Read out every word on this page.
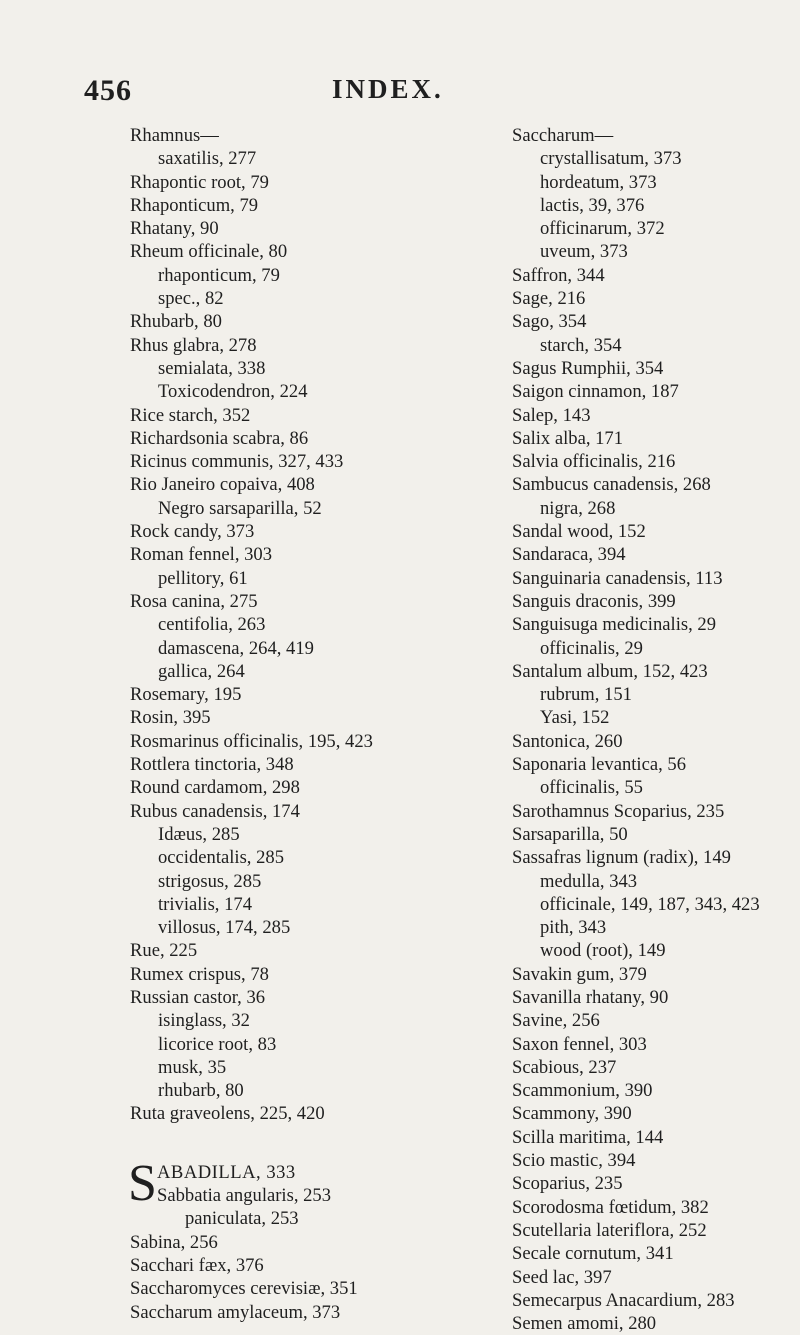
456	INDEX.
Rhamnus—
saxatilis, 277
Rhapontic root, 79
Rhaponticum, 79
Rhatany, 90
Rheum officinale, 80
rhaponticum, 79
spec., 82
Rhubarb, 80
Rhus glabra, 278
semialata, 338
Toxicodendron, 224
Rice starch, 352
Richardsonia scabra, 86
Ricinus communis, 327, 433
Rio Janeiro copaiva, 408
Negro sarsaparilla, 52
Rock candy, 373
Roman fennel, 303
pellitory, 61
Rosa canina, 275
centifolia, 263
damascena, 264, 419
gallica, 264
Rosemary, 195
Rosin, 395
Rosmarinus officinalis, 195, 423
Rottlera tinctoria, 348
Round cardamom, 298
Rubus canadensis, 174
Idæus, 285
occidentalis, 285
strigosus, 285
trivialis, 174
villosus, 174, 285
Rue, 225
Rumex crispus, 78
Russian castor, 36
isinglass, 32
licorice root, 83
musk, 35
rhubarb, 80
Ruta graveolens, 225, 420
S ABADILLA, 333
Sabbatia angularis, 253
paniculata, 253
Sabina, 256
Sacchari fæx, 376
Saccharomyces cerevisiæ, 351
Saccharum amylaceum, 373
Saccharum—
crystallisatum, 373
hordeatum, 373
lactis, 39, 376
officinarum, 372
uveum, 373
Saffron, 344
Sage, 216
Sago, 354
starch, 354
Sagus Rumphii, 354
Saigon cinnamon, 187
Salep, 143
Salix alba, 171
Salvia officinalis, 216
Sambucus canadensis, 268
nigra, 268
Sandal wood, 152
Sandaraca, 394
Sanguinaria canadensis, 113
Sanguis draconis, 399
Sanguisuga medicinalis, 29
officinalis, 29
Santalum album, 152, 423
rubrum, 151
Yasi, 152
Santonica, 260
Saponaria levantica, 56
officinalis, 55
Sarothamnus Scoparius, 235
Sarsaparilla, 50
Sassafras lignum (radix), 149
medulla, 343
officinale, 149, 187, 343, 423
pith, 343
wood (root), 149
Savakin gum, 379
Savanilla rhatany, 90
Savine, 256
Saxon fennel, 303
Scabious, 237
Scammonium, 390
Scammony, 390
Scilla maritima, 144
Scio mastic, 394
Scoparius, 235
Scorodosma fœtidum, 382
Scutellaria lateriflora, 252
Secale cornutum, 341
Seed lac, 397
Semecarpus Anacardium, 283
Semen amomi, 280
